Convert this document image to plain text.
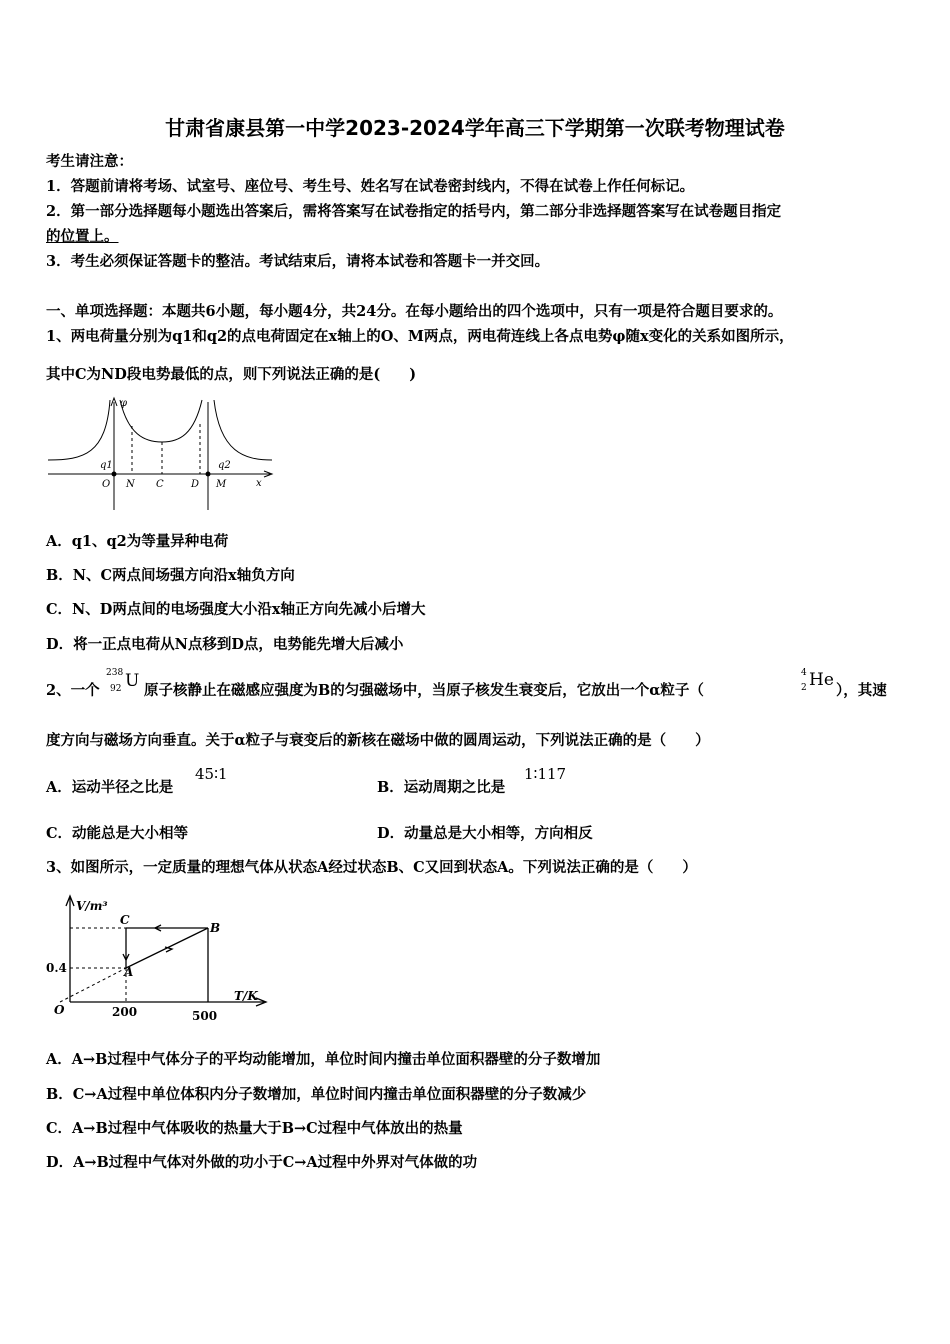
甘肃省康县第一中学2023-2024学年高三下学期第一次联考物理试卷
考生请注意：
1．答题前请将考场、试室号、座位号、考生号、姓名写在试卷密封线内，不得在试卷上作任何标记。
2．第一部分选择题每小题选出答案后，需将答案写在试卷指定的括号内，第二部分非选择题答案写在试卷题目指定
的位置上。
3．考生必须保证答题卡的整洁。考试结束后，请将本试卷和答题卡一并交回。
一、单项选择题：本题共6小题，每小题4分，共24分。在每小题给出的四个选项中，只有一项是符合题目要求的。
1、两电荷量分别为q1和q2的点电荷固定在x轴上的O、M两点，两电荷连线上各点电势φ随x变化的关系如图所示，
其中C为ND段电势最低的点，则下列说法正确的是(　　)
φ
x
q1	q2
O N C	D M
A．q1、q2为等量异种电荷
B．N、C两点间场强方向沿x轴负方向
C．N、D两点间的电场强度大小沿x轴正方向先减小后增大
D．将一正点电荷从N点移到D点，电势能先增大后减小
2、一个
238
92 U 原子核静止在磁感应强度为B的匀强磁场中，当原子核发生衰变后，它放出一个α粒子（
4
2 He
），其速
度方向与磁场方向垂直。关于α粒子与衰变后的新核在磁场中做的圆周运动，下列说法正确的是（　　）
A．运动半径之比是
45∶1
B．运动周期之比是
1∶117
C．动能总是大小相等	D．动量总是大小相等，方向相反
3、如图所示，一定质量的理想气体从状态A经过状态B、C又回到状态A。下列说法正确的是（　　）
V/m³
T/K
O
A
B
C
0.4
200	500
A．A→B过程中气体分子的平均动能增加，单位时间内撞击单位面积器壁的分子数增加
B．C→A过程中单位体积内分子数增加，单位时间内撞击单位面积器壁的分子数减少
C．A→B过程中气体吸收的热量大于B→C过程中气体放出的热量
D．A→B过程中气体对外做的功小于C→A过程中外界对气体做的功
